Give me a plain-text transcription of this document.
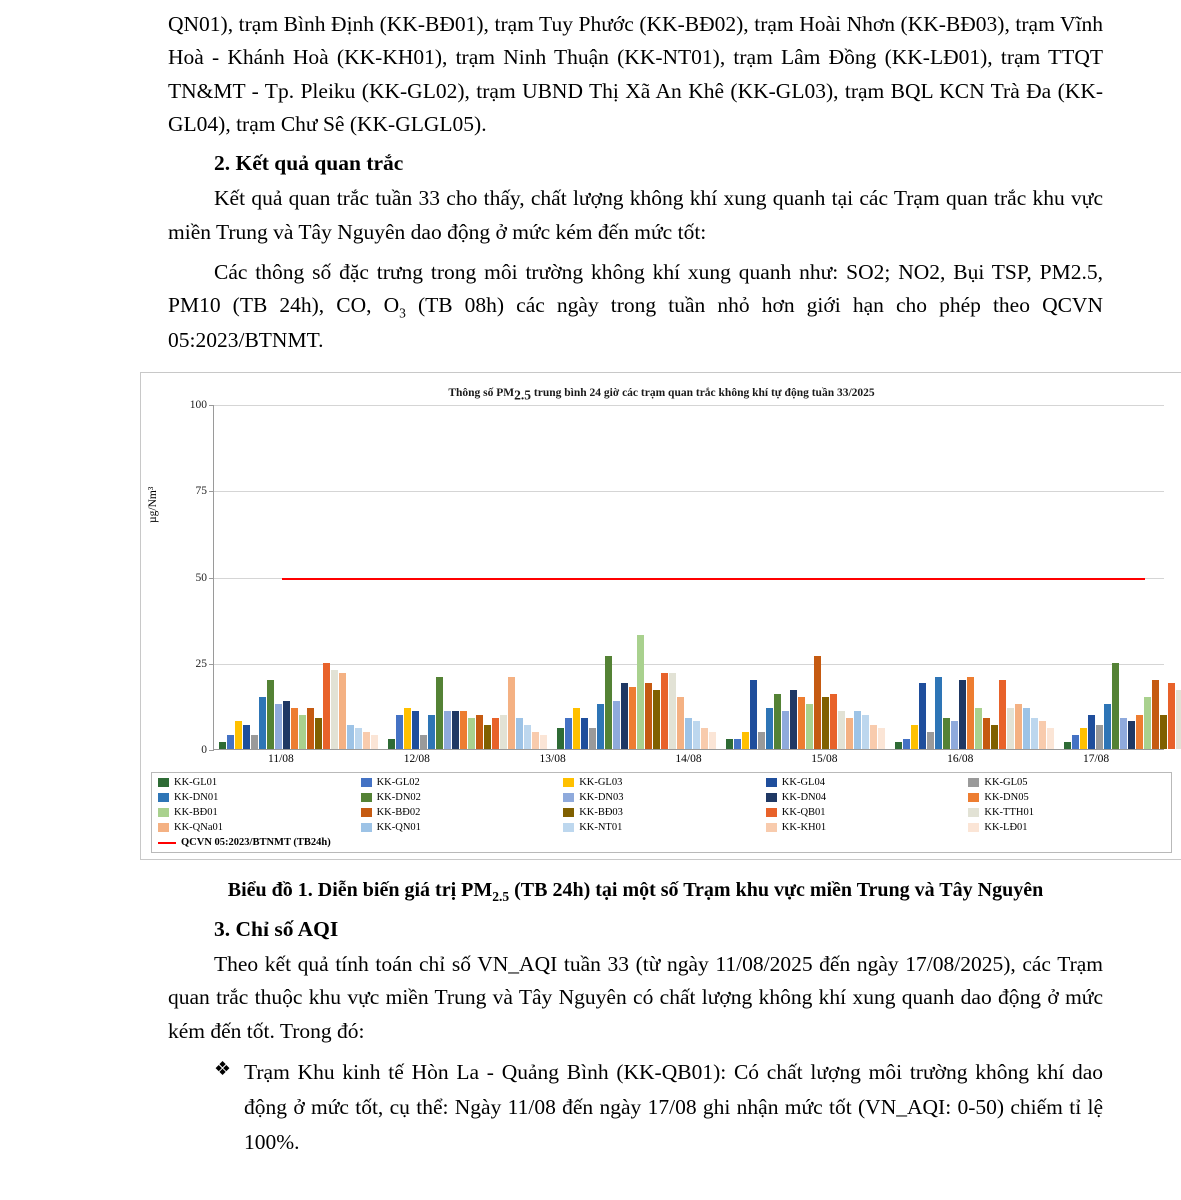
QN01), trạm Bình Định (KK-BĐ01), trạm Tuy Phước (KK-BĐ02), trạm Hoài Nhơn (KK-BĐ03), trạm Vĩnh Hoà - Khánh Hoà (KK-KH01), trạm Ninh Thuận (KK-NT01), trạm Lâm Đồng (KK-LĐ01), trạm TTQT TN&MT - Tp. Pleiku (KK-GL02), trạm UBND Thị Xã An Khê (KK-GL03), trạm BQL KCN Trà Đa (KK-GL04), trạm Chư Sê (KK-GLGL05).

2. Kết quả quan trắc

Kết quả quan trắc tuần 33 cho thấy, chất lượng không khí xung quanh tại các Trạm quan trắc khu vực miền Trung và Tây Nguyên dao động ở mức kém đến mức tốt:

Các thông số đặc trưng trong môi trường không khí xung quanh như: SO2; NO2, Bụi TSP, PM2.5, PM10 (TB 24h), CO, $O_3$ (TB 08h) các ngày trong tuần nhỏ hơn giới hạn cho phép theo QCVN 05:2023/BTNMT.

Thông số PM2.5 trung bình 24 giờ các trạm quan trắc không khí tự động tuần 33/2025
µg/Nm³
0
25
50
75
100
11/08	12/08	13/08	14/08	15/08	16/08	17/08
KK-GL01	KK-GL02	KK-GL03	KK-GL04	KK-GL05
KK-DN01	KK-DN02	KK-DN03	KK-DN04	KK-DN05
KK-BĐ01	KK-BĐ02	KK-BĐ03	KK-QB01	KK-TTH01
KK-QNa01	KK-QN01	KK-NT01	KK-KH01	KK-LĐ01
QCVN 05:2023/BTNMT (TB24h)
Biểu đồ 1. Diễn biến giá trị $PM_{2.5}$ (TB 24h) tại một số Trạm khu vực miền Trung và Tây Nguyên
3. Chỉ số AQI

Theo kết quả tính toán chỉ số VN_AQI tuần 33 (từ ngày 11/08/2025 đến ngày 17/08/2025), các Trạm quan trắc thuộc khu vực miền Trung và Tây Nguyên có chất lượng không khí xung quanh dao động ở mức kém đến tốt. Trong đó:

❖ Trạm Khu kinh tế Hòn La - Quảng Bình (KK-QB01): Có chất lượng môi trường không khí dao động ở mức tốt, cụ thể: Ngày 11/08 đến ngày 17/08 ghi nhận mức tốt (VN_AQI: 0-50) chiếm tỉ lệ 100%.
